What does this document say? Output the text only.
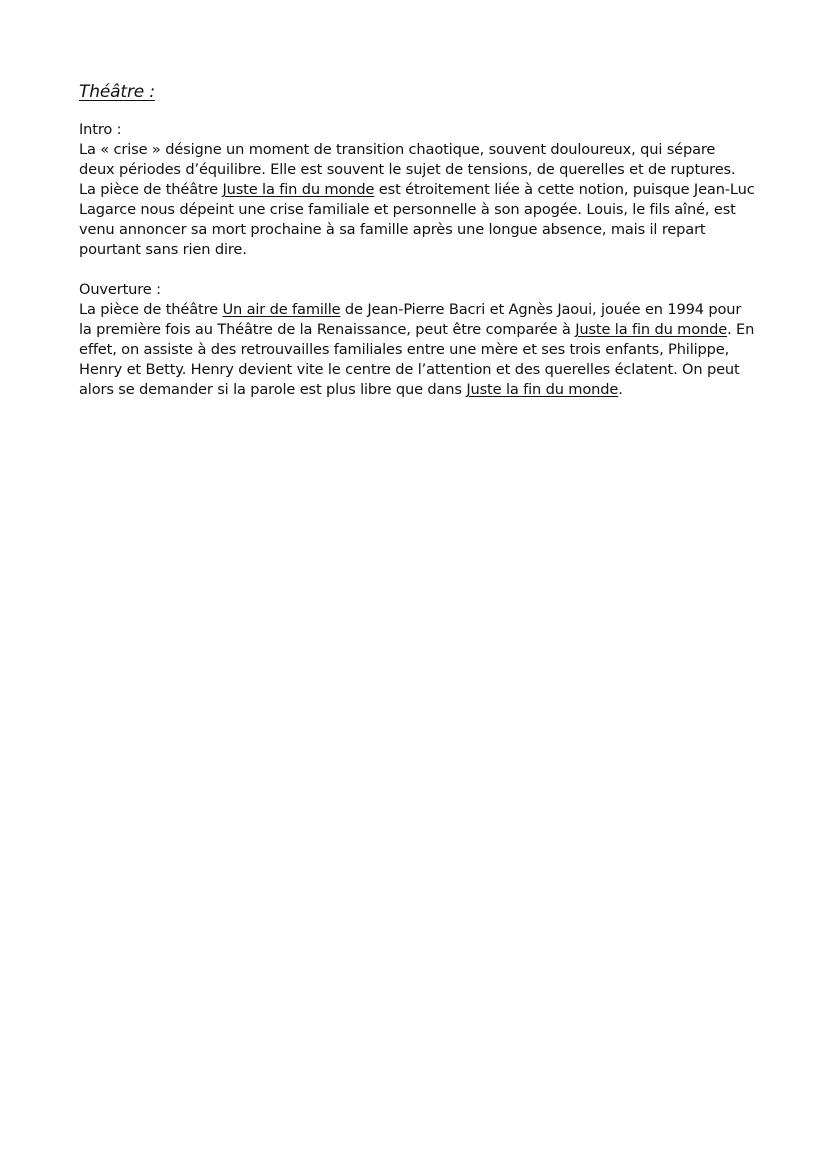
Théâtre :

Intro :

La « crise » désigne un moment de transition chaotique, souvent douloureux, qui sépare deux périodes d’équilibre. Elle est souvent le sujet de tensions, de querelles et de ruptures. La pièce de théâtre Juste la fin du monde est étroitement liée à cette notion, puisque Jean-Luc Lagarce nous dépeint une crise familiale et personnelle à son apogée. Louis, le fils aîné, est venu annoncer sa mort prochaine à sa famille après une longue absence, mais il repart pourtant sans rien dire.

Ouverture :

La pièce de théâtre Un air de famille de Jean-Pierre Bacri et Agnès Jaoui, jouée en 1994 pour la première fois au Théâtre de la Renaissance, peut être comparée à Juste la fin du monde. En effet, on assiste à des retrouvailles familiales entre une mère et ses trois enfants, Philippe, Henry et Betty. Henry devient vite le centre de l’attention et des querelles éclatent. On peut alors se demander si la parole est plus libre que dans Juste la fin du monde.
